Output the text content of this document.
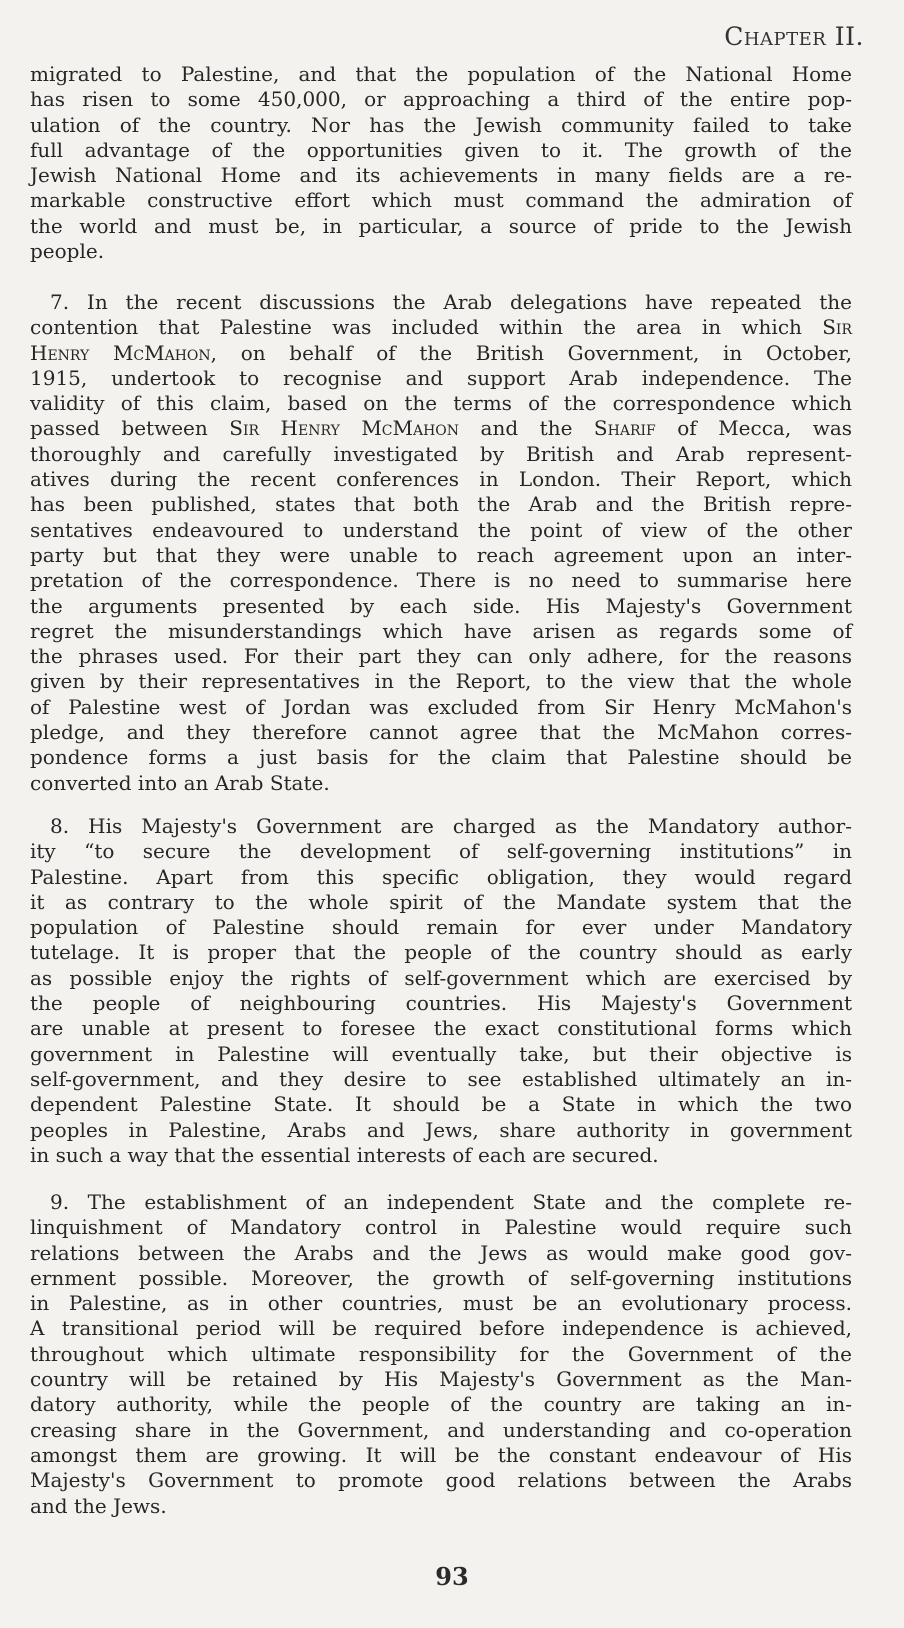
Chapter II.
migrated to Palestine, and that the population of the National Home
has risen to some 450,000, or approaching a third of the entire pop-
ulation of the country. Nor has the Jewish community failed to take
full advantage of the opportunities given to it. The growth of the
Jewish National Home and its achievements in many fields are a re-
markable constructive effort which must command the admiration of
the world and must be, in particular, a source of pride to the Jewish
people.
7. In the recent discussions the Arab delegations have repeated the
contention that Palestine was included within the area in which Sir
Henry McMahon, on behalf of the British Government, in October,
1915, undertook to recognise and support Arab independence. The
validity of this claim, based on the terms of the correspondence which
passed between Sir Henry McMahon and the Sharif of Mecca, was
thoroughly and carefully investigated by British and Arab represent-
atives during the recent conferences in London. Their Report, which
has been published, states that both the Arab and the British repre-
sentatives endeavoured to understand the point of view of the other
party but that they were unable to reach agreement upon an inter-
pretation of the correspondence. There is no need to summarise here
the arguments presented by each side. His Majesty's Government
regret the misunderstandings which have arisen as regards some of
the phrases used. For their part they can only adhere, for the reasons
given by their representatives in the Report, to the view that the whole
of Palestine west of Jordan was excluded from Sir Henry McMahon's
pledge, and they therefore cannot agree that the McMahon corres-
pondence forms a just basis for the claim that Palestine should be
converted into an Arab State.
8. His Majesty's Government are charged as the Mandatory author-
ity “to secure the development of self-governing institutions” in
Palestine. Apart from this specific obligation, they would regard
it as contrary to the whole spirit of the Mandate system that the
population of Palestine should remain for ever under Mandatory
tutelage. It is proper that the people of the country should as early
as possible enjoy the rights of self-government which are exercised by
the people of neighbouring countries. His Majesty's Government
are unable at present to foresee the exact constitutional forms which
government in Palestine will eventually take, but their objective is
self-government, and they desire to see established ultimately an in-
dependent Palestine State. It should be a State in which the two
peoples in Palestine, Arabs and Jews, share authority in government
in such a way that the essential interests of each are secured.
9. The establishment of an independent State and the complete re-
linquishment of Mandatory control in Palestine would require such
relations between the Arabs and the Jews as would make good gov-
ernment possible. Moreover, the growth of self-governing institutions
in Palestine, as in other countries, must be an evolutionary process.
A transitional period will be required before independence is achieved,
throughout which ultimate responsibility for the Government of the
country will be retained by His Majesty's Government as the Man-
datory authority, while the people of the country are taking an in-
creasing share in the Government, and understanding and co-operation
amongst them are growing. It will be the constant endeavour of His
Majesty's Government to promote good relations between the Arabs
and the Jews.
93
